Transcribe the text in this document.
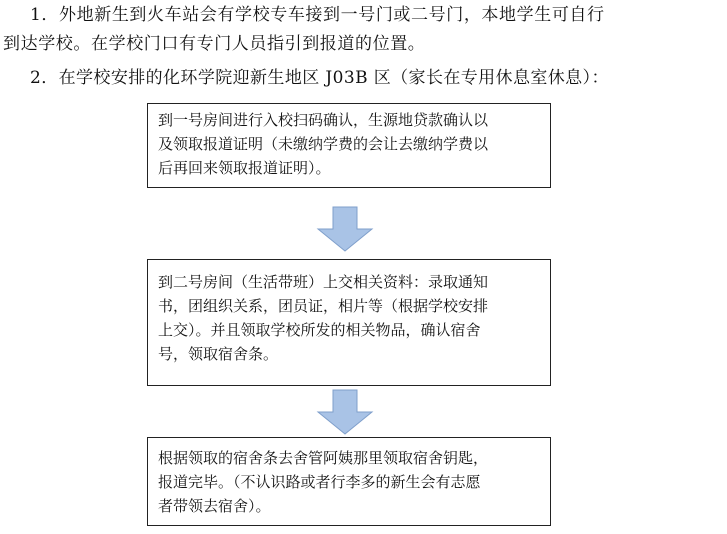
1．外地新生到火车站会有学校专车接到一号门或二号门，本地学生可自行

到达学校。在学校门口有专门人员指引到报道的位置。

2．在学校安排的化环学院迎新生地区 J03B 区（家长在专用休息室休息）：

到一号房间进行入校扫码确认，生源地贷款确认以
及领取报道证明（未缴纳学费的会让去缴纳学费以
后再回来领取报道证明）。
到二号房间（生活带班）上交相关资料：录取通知
书，团组织关系，团员证，相片等（根据学校安排
上交）。并且领取学校所发的相关物品，确认宿舍
号，领取宿舍条。
根据领取的宿舍条去舍管阿姨那里领取宿舍钥匙，
报道完毕。（不认识路或者行李多的新生会有志愿
者带领去宿舍）。
